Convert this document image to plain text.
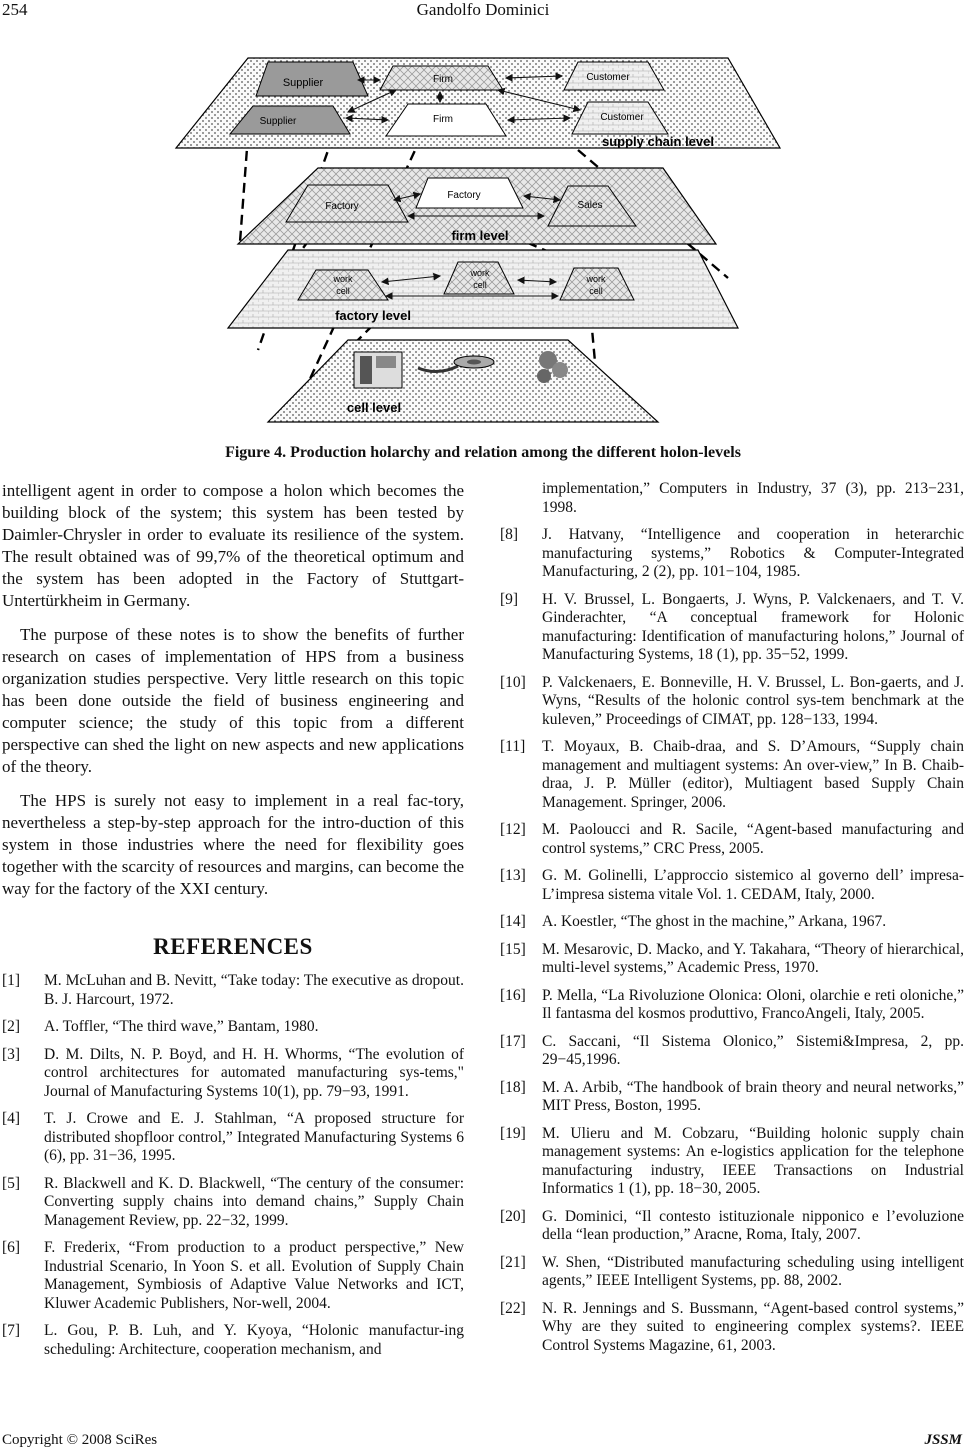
254	Gandolfo Dominici
Supplier	Firm	Customer
Supplier	Firm	Customer
supply chain level
Factory
Factory
Sales
firm level
work
cell
work
cell
work
cell
factory level
cell level
Figure 4. Production holarchy and relation among the different holon-levels

intelligent agent in order to compose a holon which becomes the building block of the system; this system has been tested by Daimler-Chrysler in order to evaluate its resilience of the system. The result obtained was of 99,7% of the theoretical optimum and the system has been adopted in the Factory of Stuttgart-Untertürkheim in Germany.

The purpose of these notes is to show the benefits of further research on cases of implementation of HPS from a business organization studies perspective. Very little research on this topic has been done outside the field of business engineering and computer science; the study of this topic from a different perspective can shed the light on new aspects and new applications of the theory.

The HPS is surely not easy to implement in a real fac-tory, nevertheless a step-by-step approach for the intro-duction of this system in those industries where the need for flexibility goes together with the scarcity of resources and margins, can become the way for the factory of the XXI century.

REFERENCES
[1]	M. McLuhan and B. Nevitt, “Take today: The executive as dropout. B. J. Harcourt, 1972.
[2]	A. Toffler, “The third wave,” Bantam, 1980.
[3]	D. M. Dilts, N. P. Boyd, and H. H. Whorms, “The evolution of control architectures for automated manufacturing sys-tems," Journal of Manufacturing Systems 10(1), pp. 79−93, 1991.
[4]	T. J. Crowe and E. J. Stahlman, “A proposed structure for distributed shopfloor control,” Integrated Manufacturing Systems 6 (6), pp. 31−36, 1995.
[5]	R. Blackwell and K. D. Blackwell, “The century of the consumer: Converting supply chains into demand chains,” Supply Chain Management Review, pp. 22−32, 1999.
[6]	F. Frederix, “From production to a product perspective,” New Industrial Scenario, In Yoon S. et all. Evolution of Supply Chain Management, Symbiosis of Adaptive Value Networks and ICT, Kluwer Academic Publishers, Nor-well, 2004.
[7]	L. Gou, P. B. Luh, and Y. Kyoya, “Holonic manufactur-ing scheduling: Architecture, cooperation mechanism, and
implementation,” Computers in Industry, 37 (3), pp. 213−231, 1998.
[8]	J. Hatvany, “Intelligence and cooperation in heterarchic manufacturing systems,” Robotics & Computer-Integrated Manufacturing, 2 (2), pp. 101−104, 1985.
[9]	H. V. Brussel, L. Bongaerts, J. Wyns, P. Valckenaers, and T. V. Ginderachter, “A conceptual framework for Holonic manufacturing: Identification of manufacturing holons,” Journal of Manufacturing Systems, 18 (1), pp. 35−52, 1999.
[10]	P. Valckenaers, E. Bonneville, H. V. Brussel, L. Bon-gaerts, and J. Wyns, “Results of the holonic control sys-tem benchmark at the kuleven,” Proceedings of CIMAT, pp. 128−133, 1994.
[11]	T. Moyaux, B. Chaib-draa, and S. D’Amours, “Supply chain management and multiagent systems: An over-view,” In B. Chaib-draa, J. P. Müller (editor), Multiagent based Supply Chain Management. Springer, 2006.
[12]	M. Paoloucci and R. Sacile, “Agent-based manufacturing and control systems,” CRC Press, 2005.
[13]	G. M. Golinelli, L’approccio sistemico al governo dell’ impresa-L’impresa sistema vitale Vol. 1. CEDAM, Italy, 2000.
[14]	A. Koestler, “The ghost in the machine,” Arkana, 1967.
[15]	M. Mesarovic, D. Macko, and Y. Takahara, “Theory of hierarchical, multi-level systems,” Academic Press, 1970.
[16]	P. Mella, “La Rivoluzione Olonica: Oloni, olarchie e reti oloniche,” Il fantasma del kosmos produttivo, FrancoAngeli, Italy, 2005.
[17]	C. Saccani, “Il Sistema Olonico,” Sistemi&Impresa, 2, pp. 29−45,1996.
[18]	M. A. Arbib, “The handbook of brain theory and neural networks,” MIT Press, Boston, 1995.
[19]	M. Ulieru and M. Cobzaru, “Building holonic supply chain management systems: An e-logistics application for the telephone manufacturing industry, IEEE Transactions on Industrial Informatics 1 (1), pp. 18−30, 2005.
[20]	G. Dominici, “Il contesto istituzionale nipponico e l’evoluzione della “lean production,” Aracne, Roma, Italy, 2007.
[21]	W. Shen, “Distributed manufacturing scheduling using intelligent agents,” IEEE Intelligent Systems, pp. 88, 2002.
[22]	N. R. Jennings and S. Bussmann, “Agent-based control systems,” Why are they suited to engineering complex systems?. IEEE Control Systems Magazine, 61, 2003.
Copyright © 2008 SciRes	JSSM
